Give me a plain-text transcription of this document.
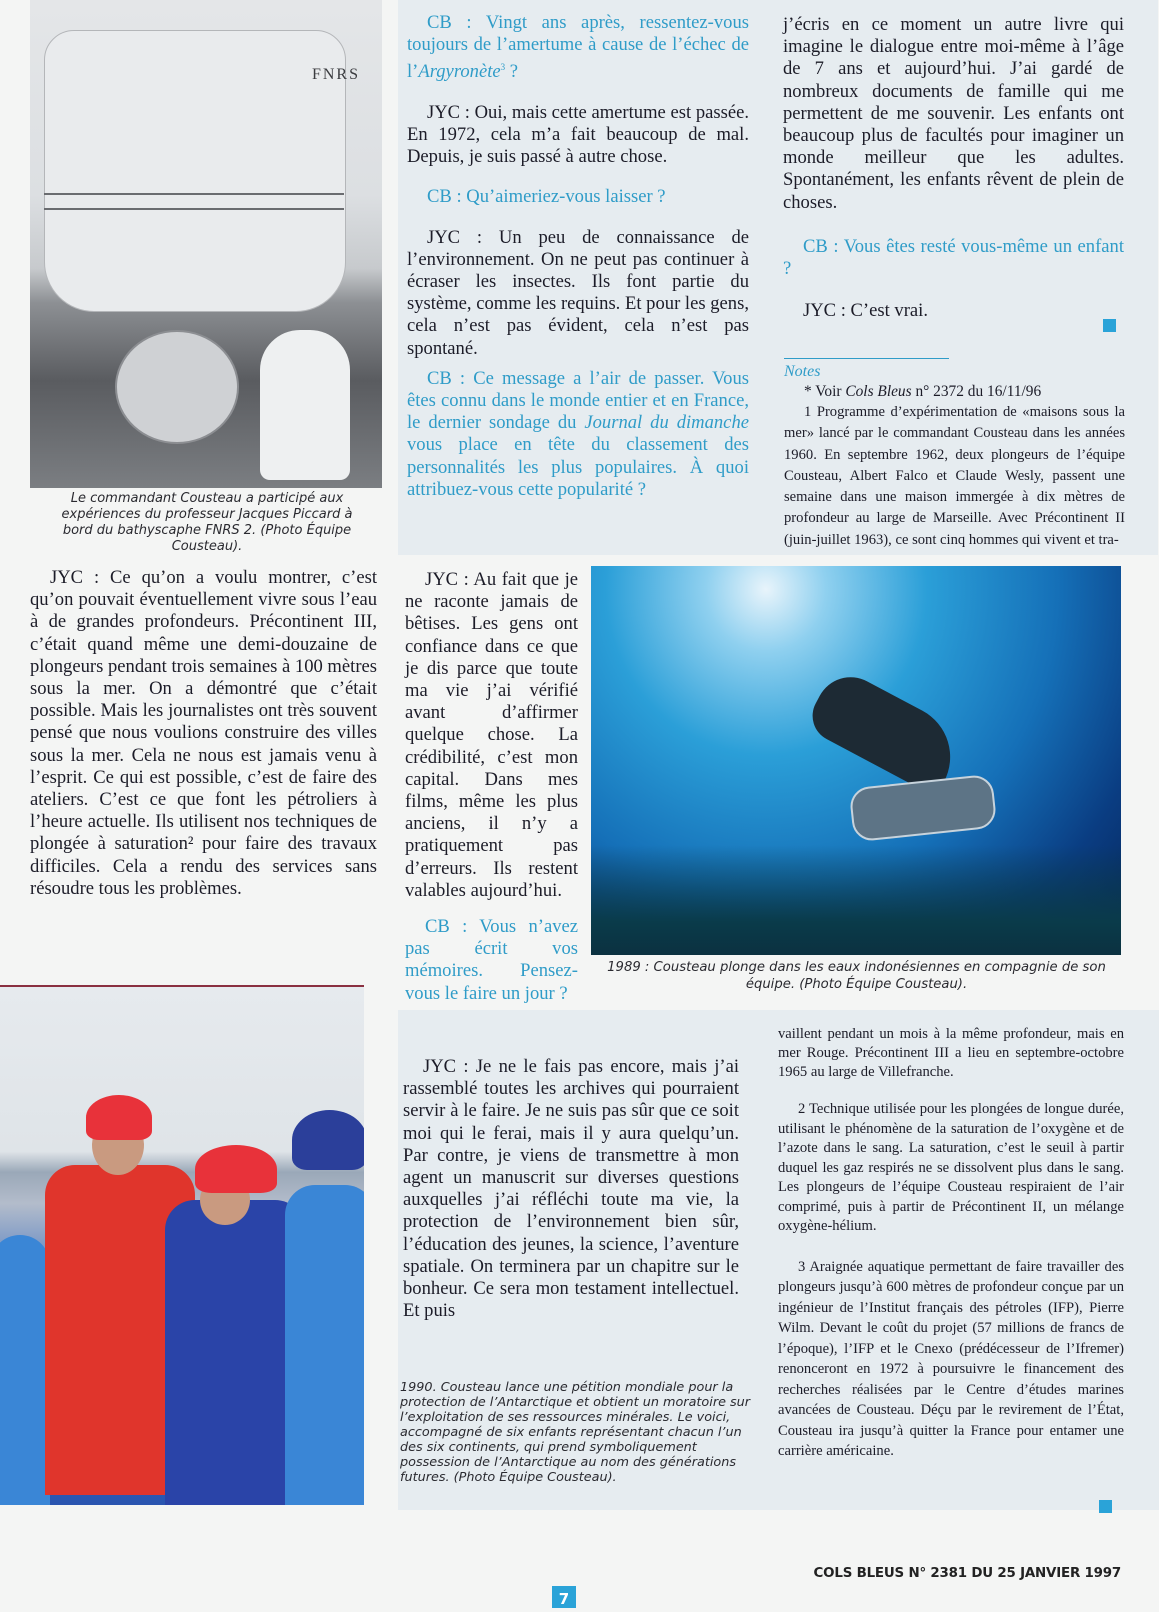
FNRS
Le commandant Cousteau a participé aux expériences du professeur Jacques Piccard à bord du bathyscaphe FNRS 2. (Photo Équipe Cousteau).

JYC : Ce qu’on a voulu montrer, c’est qu’on pouvait éventuellement vivre sous l’eau à de grandes profondeurs. Précontinent III, c’était quand même une demi-douzaine de plongeurs pendant trois semaines à 100 mètres sous la mer. On a démontré que c’était possible. Mais les journalistes ont très souvent pensé que nous voulions construire des villes sous la mer. Cela ne nous est jamais venu à l’esprit. Ce qui est possible, c’est de faire des ateliers. C’est ce que font les pétroliers à l’heure actuelle. Ils utilisent nos techniques de plongée à saturation² pour faire des travaux difficiles. Cela a rendu des services sans résoudre tous les problèmes.

CB : Vingt ans après, ressentez-vous toujours de l’amertume à cause de l’échec de l’Argyronète$^3$ ?

JYC : Oui, mais cette amertume est passée. En 1972, cela m’a fait beaucoup de mal. Depuis, je suis passé à autre chose.

CB : Qu’aimeriez-vous laisser ?

JYC : Un peu de connaissance de l’environnement. On ne peut pas continuer à écraser les insectes. Ils font partie du système, comme les requins. Et pour les gens, cela n’est pas évident, cela n’est pas spontané.

CB : Ce message a l’air de passer. Vous êtes connu dans le monde entier et en France, le dernier sondage du Journal du dimanche vous place en tête du classement des personnalités les plus populaires. À quoi attribuez-vous cette popularité ?

JYC : Au fait que je ne raconte jamais de bêtises. Les gens ont confiance dans ce que je dis parce que toute ma vie j’ai vérifié avant d’affirmer quelque chose. La crédibilité, c’est mon capital. Dans mes films, même les plus anciens, il n’y a pratiquement pas d’erreurs. Ils restent valables aujourd’hui.

CB : Vous n’avez pas écrit vos mémoires. Pensez-vous le faire un jour ?

JYC : Je ne le fais pas encore, mais j’ai rassemblé toutes les archives qui pourraient servir à le faire. Je ne suis pas sûr que ce soit moi qui le ferai, mais il y aura quelqu’un. Par contre, je viens de transmettre à mon agent un manuscrit sur diverses questions auxquelles j’ai réfléchi toute ma vie, la protection de l’environnement bien sûr, l’éducation des jeunes, la science, l’aventure spatiale. On terminera par un chapitre sur le bonheur. Ce sera mon testament intellectuel. Et puis

1990. Cousteau lance une pétition mondiale pour la protection de l’Antarctique et obtient un moratoire sur l’exploitation de ses ressources minérales. Le voici, accompagné de six enfants représentant chacun l’un des six continents, qui prend symboliquement possession de l’Antarctique au nom des générations futures. (Photo Équipe Cousteau).

j’écris en ce moment un autre livre qui imagine le dialogue entre moi-même à l’âge de 7 ans et aujourd’hui. J’ai gardé de nombreux documents de famille qui me permettent de me souvenir. Les enfants ont beaucoup plus de facultés pour imaginer un monde meilleur que les adultes. Spontanément, les enfants rêvent de plein de choses.

CB : Vous êtes resté vous-même un enfant ?

JYC : C’est vrai.

Notes

* Voir Cols Bleus n° 2372 du 16/11/96

1 Programme d’expérimentation de «maisons sous la mer» lancé par le commandant Cousteau dans les années 1960. En septembre 1962, deux plongeurs de l’équipe Cousteau, Albert Falco et Claude Wesly, passent une semaine dans une maison immergée à dix mètres de profondeur au large de Marseille. Avec Précontinent II (juin-juillet 1963), ce sont cinq hommes qui vivent et tra-

1989 : Cousteau plonge dans les eaux indonésiennes en compagnie de son équipe. (Photo Équipe Cousteau).

vaillent pendant un mois à la même profondeur, mais en mer Rouge. Précontinent III a lieu en septembre-octobre 1965 au large de Villefranche.

2 Technique utilisée pour les plongées de longue durée, utilisant le phénomène de la saturation de l’oxygène et de l’azote dans le sang. La saturation, c’est le seuil à partir duquel les gaz respirés ne se dissolvent plus dans le sang. Les plongeurs de l’équipe Cousteau respiraient de l’air comprimé, puis à partir de Précontinent II, un mélange oxygène-hélium.

3 Araignée aquatique permettant de faire travailler des plongeurs jusqu’à 600 mètres de profondeur conçue par un ingénieur de l’Institut français des pétroles (IFP), Pierre Wilm. Devant le coût du projet (57 millions de francs de l’époque), l’IFP et le Cnexo (prédécesseur de l’Ifremer) renonceront en 1972 à poursuivre le financement des recherches réalisées par le Centre d’études marines avancées de Cousteau. Déçu par le revirement de l’État, Cousteau ira jusqu’à quitter la France pour entamer une carrière américaine.

COLS BLEUS N° 2381 DU 25 JANVIER 1997
7
